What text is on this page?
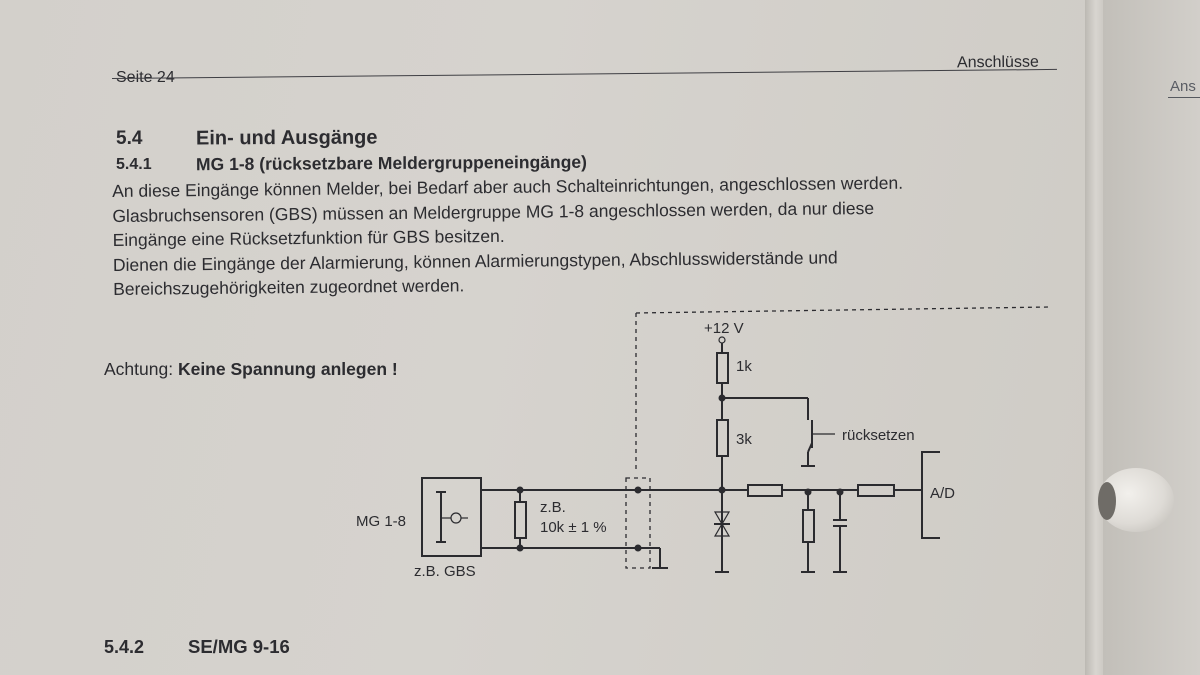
Seite 24

Anschlüsse

Ans

5.4	Ein- und Ausgänge

5.4.1	MG 1-8 (rücksetzbare Meldergruppeneingänge)

An diese Eingänge können Melder, bei Bedarf aber auch Schalteinrichtungen, angeschlossen werden.
Glasbruchsensoren (GBS) müssen an Meldergruppe MG 1-8 angeschlossen werden, da nur diese
Eingänge eine Rücksetzfunktion für GBS besitzen.
Dienen die Eingänge der Alarmierung, können Alarmierungstypen, Abschlusswiderstände und
Bereichszugehörigkeiten zugeordnet werden.

Achtung: Keine Spannung anlegen !

+12 V
1k
3k	rücksetzen
A/D
MG 1-8
z.B. GBS
z.B.
10k ± 1 %

5.4.2 SE/MG 9-16
